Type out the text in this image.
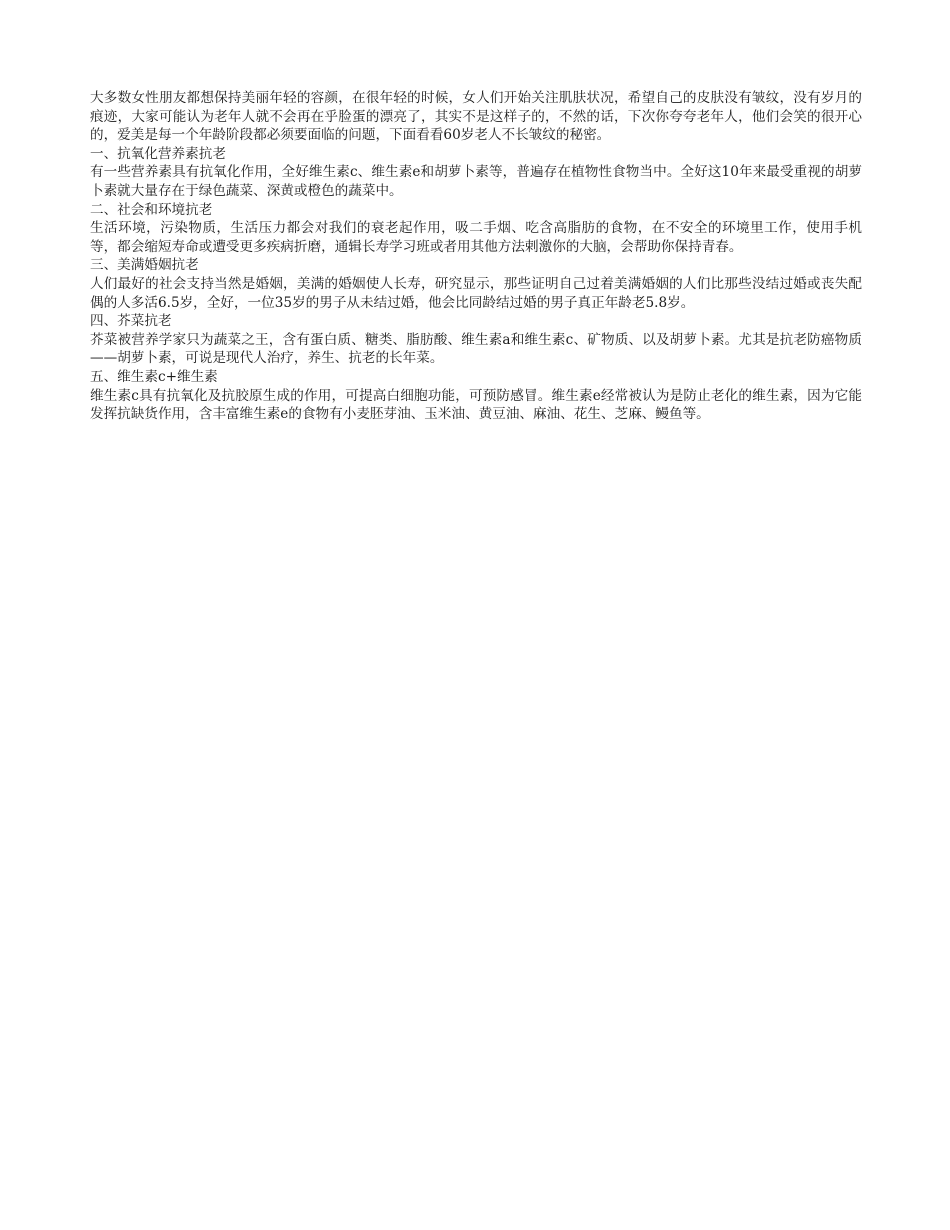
大多数女性朋友都想保持美丽年轻的容颜，在很年轻的时候，女人们开始关注肌肤状况，希望自己的皮肤没有皱纹，没有岁月的痕迹，大家可能认为老年人就不会再在乎脸蛋的漂亮了，其实不是这样子的，不然的话，下次你夸夸老年人，他们会笑的很开心的，爱美是每一个年龄阶段都必须要面临的问题，下面看看60岁老人不长皱纹的秘密。

一、抗氧化营养素抗老

有一些营养素具有抗氧化作用，全好维生素c、维生素e和胡萝卜素等，普遍存在植物性食物当中。全好这10年来最受重视的胡萝卜素就大量存在于绿色蔬菜、深黄或橙色的蔬菜中。

二、社会和环境抗老

生活环境，污染物质，生活压力都会对我们的衰老起作用，吸二手烟、吃含高脂肪的食物，在不安全的环境里工作，使用手机等，都会缩短寿命或遭受更多疾病折磨，通辑长寿学习班或者用其他方法剌激你的大脑，会帮助你保持青春。

三、美满婚姻抗老

人们最好的社会支持当然是婚姻，美满的婚姻使人长寿，研究显示，那些证明自己过着美满婚姻的人们比那些没结过婚或丧失配偶的人多活6.5岁，全好，一位35岁的男子从未结过婚，他会比同龄结过婚的男子真正年龄老5.8岁。

四、芥菜抗老

芥菜被营养学家只为蔬菜之王，含有蛋白质、糖类、脂肪酸、维生素a和维生素c、矿物质、以及胡萝卜素。尤其是抗老防癌物质——胡萝卜素，可说是现代人治疗，养生、抗老的长年菜。

五、维生素c+维生素

维生素c具有抗氧化及抗胶原生成的作用，可提高白细胞功能，可预防感冒。维生素e经常被认为是防止老化的维生素，因为它能发挥抗缺货作用，含丰富维生素e的食物有小麦胚芽油、玉米油、黄豆油、麻油、花生、芝麻、鳗鱼等。
